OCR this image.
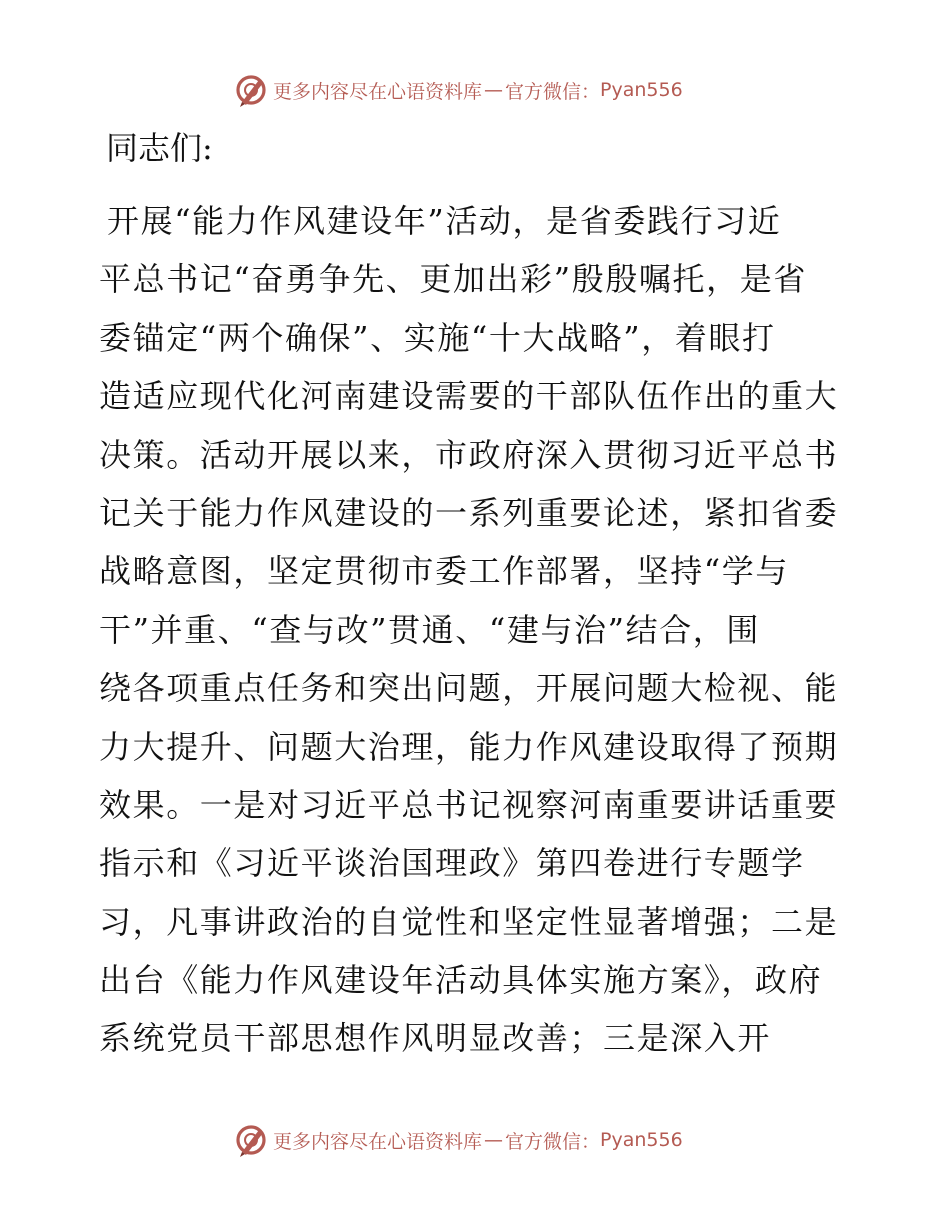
更多内容尽在心语资料库 — 官方微信： Pyan556
同志们:
开展“能力作风建设年”活动，是省委践行习近
平总书记“奋勇争先、更加出彩”殷殷嘱托，是省
委锚定“两个确保”、实施“十大战略”，着眼打
造适应现代化河南建设需要的干部队伍作出的重大
决策。活动开展以来，市政府深入贯彻习近平总书
记关于能力作风建设的一系列重要论述，紧扣省委
战略意图，坚定贯彻市委工作部署，坚持“学与
干”并重、“查与改”贯通、“建与治”结合，围
绕各项重点任务和突出问题，开展问题大检视、能
力大提升、问题大治理，能力作风建设取得了预期
效果。一是对习近平总书记视察河南重要讲话重要
指示和《习近平谈治国理政》第四卷进行专题学
习，凡事讲政治的自觉性和坚定性显著增强；二是
出台《能力作风建设年活动具体实施方案》，政府
系统党员干部思想作风明显改善；三是深入开
更多内容尽在心语资料库 — 官方微信： Pyan556
